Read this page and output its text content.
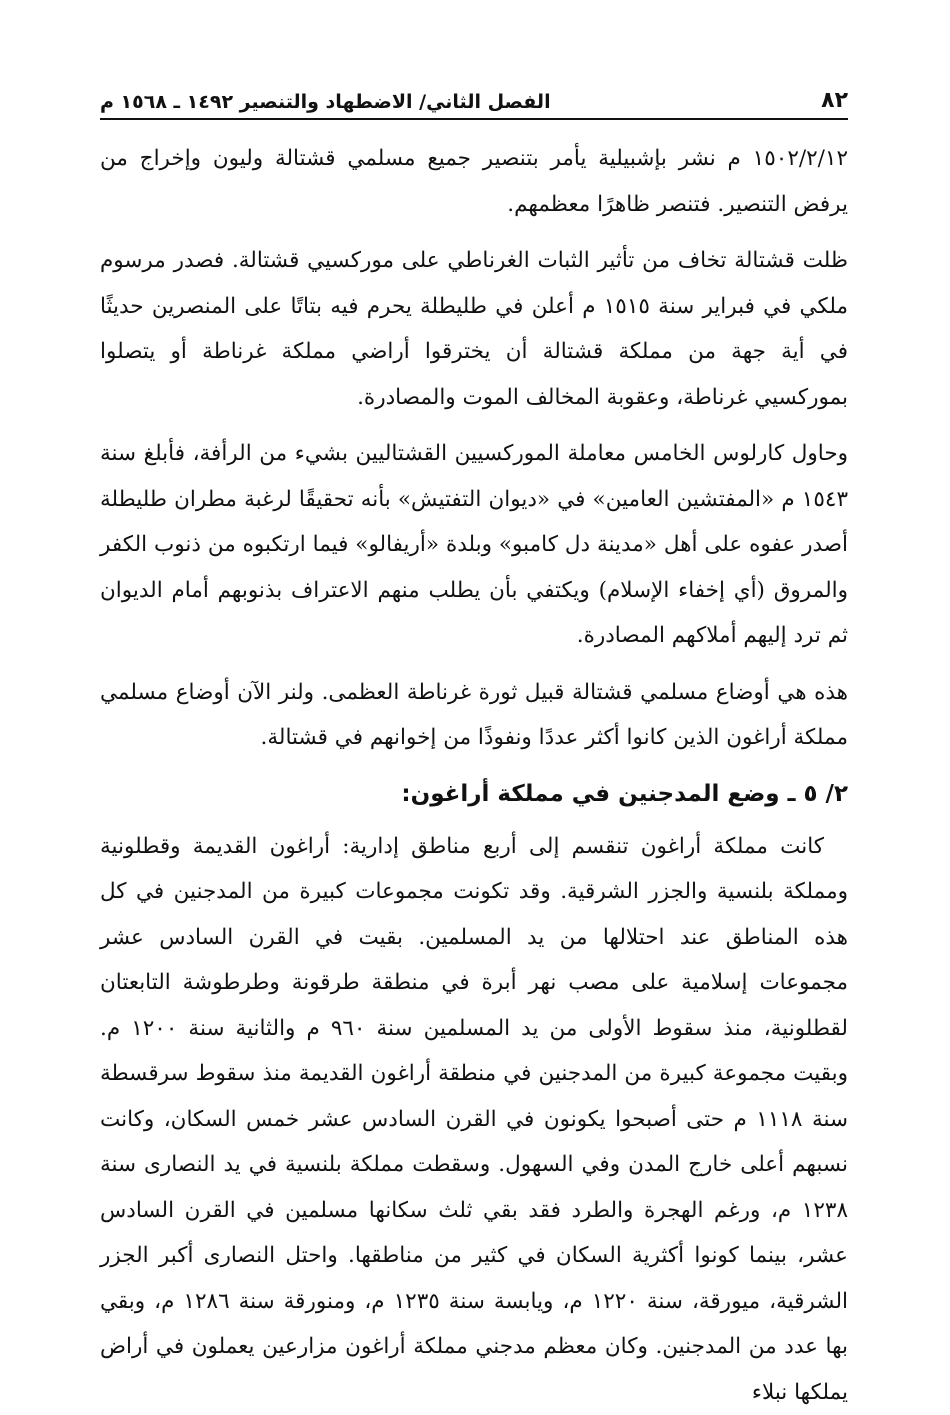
٨٢
الفصل الثاني/ الاضطهاد والتنصير ١٤٩٢ ـ ١٥٦٨ م

١٥٠٢/٢/١٢ م نشر بإشبيلية يأمر بتنصير جميع مسلمي قشتالة وليون وإخراج من يرفض التنصير. فتنصر ظاهرًا معظمهم.

ظلت قشتالة تخاف من تأثير الثبات الغرناطي على موركسيي قشتالة. فصدر مرسوم ملكي في فبراير سنة ١٥١٥ م أعلن في طليطلة يحرم فيه بتاتًا على المنصرين حديثًا في أية جهة من مملكة قشتالة أن يخترقوا أراضي مملكة غرناطة أو يتصلوا بموركسيي غرناطة، وعقوبة المخالف الموت والمصادرة.

وحاول كارلوس الخامس معاملة الموركسيين القشتاليين بشيء من الرأفة، فأبلغ سنة ١٥٤٣ م «المفتشين العامين» في «ديوان التفتيش» بأنه تحقيقًا لرغبة مطران طليطلة أصدر عفوه على أهل «مدينة دل كامبو» وبلدة «أريفالو» فيما ارتكبوه من ذنوب الكفر والمروق (أي إخفاء الإسلام) ويكتفي بأن يطلب منهم الاعتراف بذنوبهم أمام الديوان ثم ترد إليهم أملاكهم المصادرة.

هذه هي أوضاع مسلمي قشتالة قبيل ثورة غرناطة العظمى. ولنر الآن أوضاع مسلمي مملكة أراغون الذين كانوا أكثر عددًا ونفوذًا من إخوانهم في قشتالة.

٢/ ٥ ـ وضع المدجنين في مملكة أراغون:

كانت مملكة أراغون تنقسم إلى أربع مناطق إدارية: أراغون القديمة وقطلونية ومملكة بلنسية والجزر الشرقية. وقد تكونت مجموعات كبيرة من المدجنين في كل هذه المناطق عند احتلالها من يد المسلمين. بقيت في القرن السادس عشر مجموعات إسلامية على مصب نهر أبرة في منطقة طرقونة وطرطوشة التابعتان لقطلونية، منذ سقوط الأولى من يد المسلمين سنة ٩٦٠ م والثانية سنة ١٢٠٠ م. وبقيت مجموعة كبيرة من المدجنين في منطقة أراغون القديمة منذ سقوط سرقسطة سنة ١١١٨ م حتى أصبحوا يكونون في القرن السادس عشر خمس السكان، وكانت نسبهم أعلى خارج المدن وفي السهول. وسقطت مملكة بلنسية في يد النصارى سنة ١٢٣٨ م، ورغم الهجرة والطرد فقد بقي ثلث سكانها مسلمين في القرن السادس عشر، بينما كونوا أكثرية السكان في كثير من مناطقها. واحتل النصارى أكبر الجزر الشرقية، ميورقة، سنة ١٢٢٠ م، ويابسة سنة ١٢٣٥ م، ومنورقة سنة ١٢٨٦ م، وبقي بها عدد من المدجنين. وكان معظم مدجني مملكة أراغون مزارعين يعملون في أراض يملكها نبلاء
